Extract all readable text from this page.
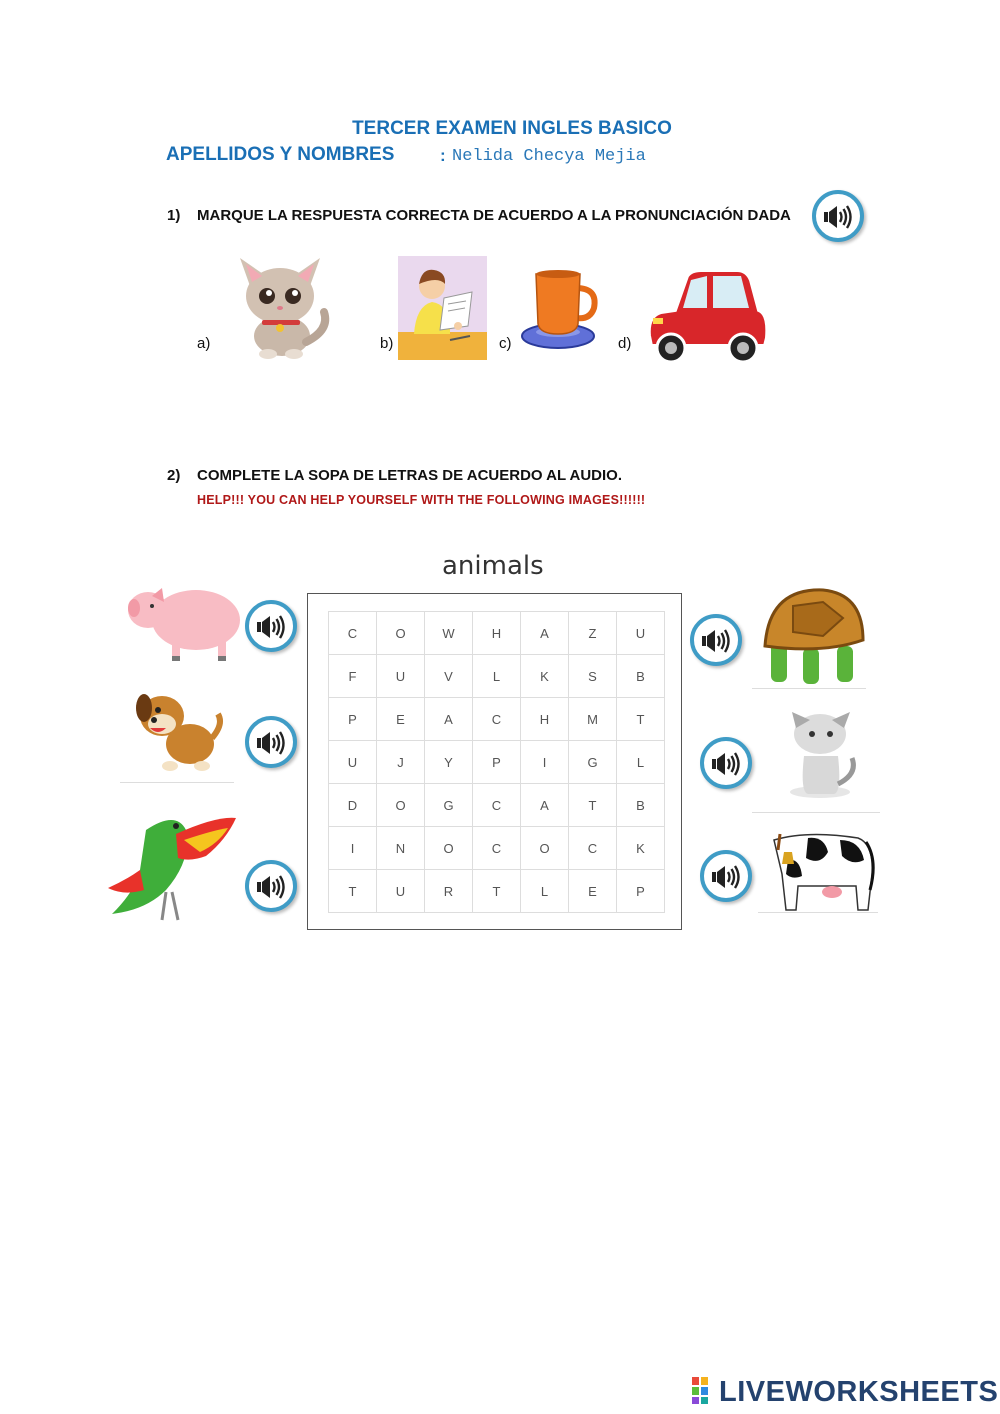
TERCER EXAMEN INGLES BASICO
APELLIDOS Y NOMBRES	:
Nelida Checya Mejia
1) MARQUE LA RESPUESTA CORRECTA DE ACUERDO A LA PRONUNCIACIÓN DADA
a)	b)	c)	d)
2) COMPLETE LA SOPA DE LETRAS DE ACUERDO AL AUDIO.
HELP!!! YOU CAN HELP YOURSELF WITH THE FOLLOWING IMAGES!!!!!!
animals
C	O	W	H	A	Z	U
F	U	V	L	K	S	B
P	E	A	C	H	M	T
U	J	Y	P	I	G	L
D	O	G	C	A	T	B
I	N	O	C	O	C	K
T	U	R	T	L	E	P
LIVEWORKSHEETS
